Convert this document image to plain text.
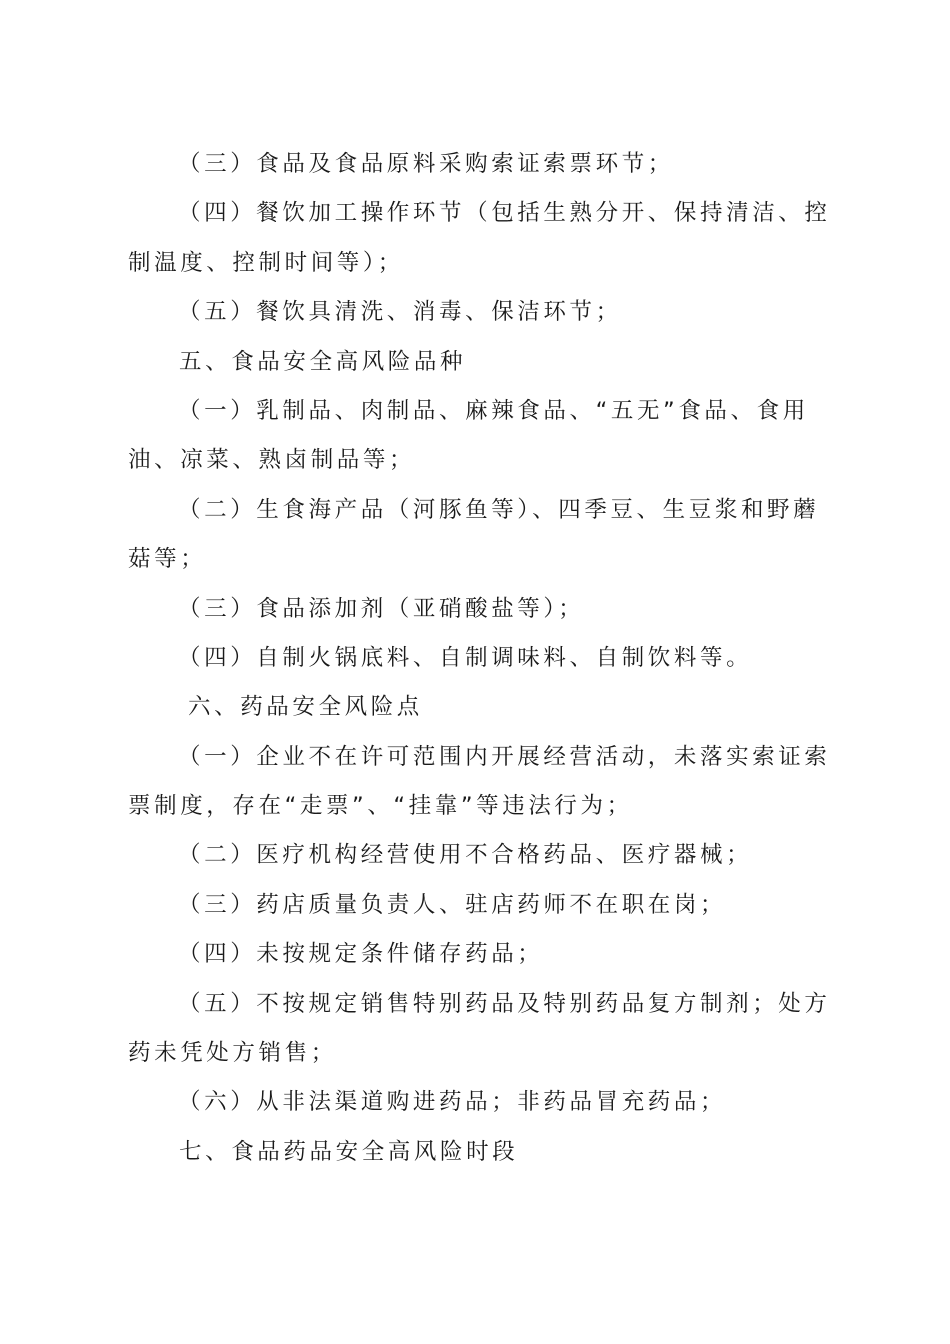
（三）食品及食品原料采购索证索票环节；
（四）餐饮加工操作环节（包括生熟分开、保持清洁、控
制温度、控制时间等）；
（五）餐饮具清洗、消毒、保洁环节；
五、食品安全高风险品种
（一）乳制品、肉制品、麻辣食品、“五无”食品、食用
油、凉菜、熟卤制品等；
（二）生食海产品（河豚鱼等）、四季豆、生豆浆和野蘑
菇等；
（三）食品添加剂（亚硝酸盐等）；
（四）自制火锅底料、自制调味料、自制饮料等。
六、药品安全风险点
（一）企业不在许可范围内开展经营活动，未落实索证索
票制度，存在“走票”、“挂靠”等违法行为；
（二）医疗机构经营使用不合格药品、医疗器械；
（三）药店质量负责人、驻店药师不在职在岗；
（四）未按规定条件储存药品；
（五）不按规定销售特别药品及特别药品复方制剂；处方
药未凭处方销售；
（六）从非法渠道购进药品；非药品冒充药品；
七、食品药品安全高风险时段
